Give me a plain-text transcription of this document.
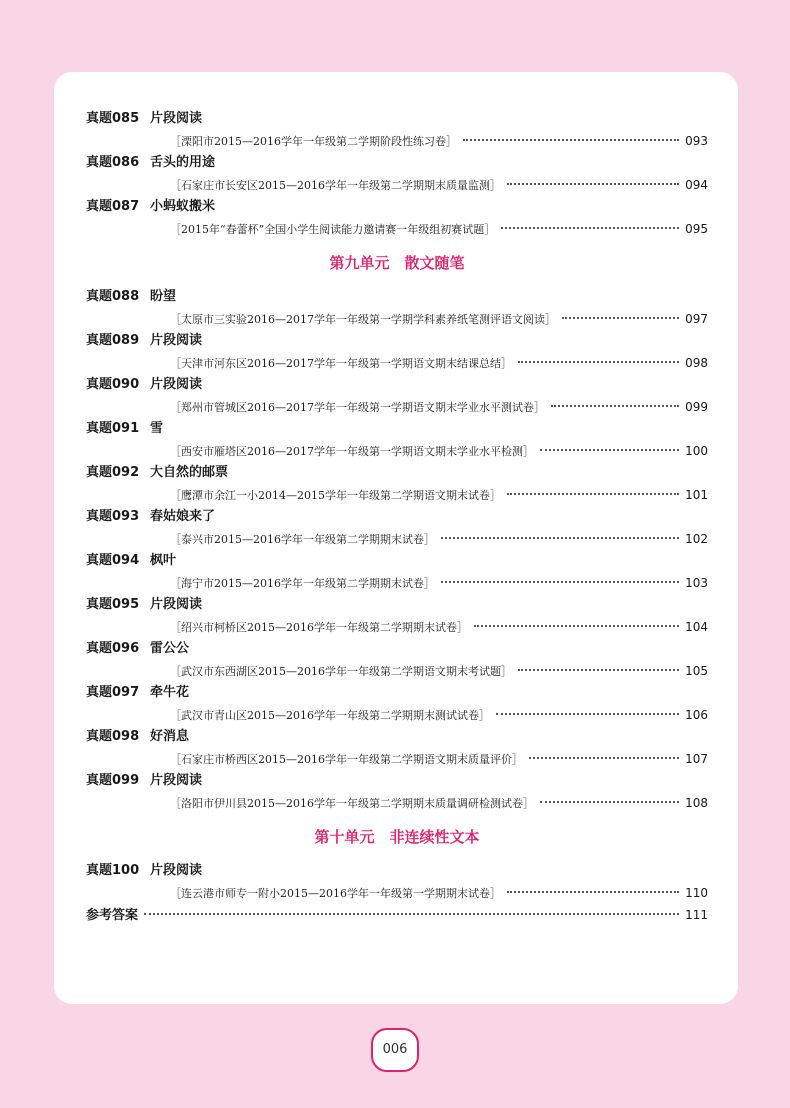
真题085 片段阅读
［溧阳市2015—2016学年一年级第二学期阶段性练习卷］	093
真题086 舌头的用途
［石家庄市长安区2015—2016学年一年级第二学期期末质量监测］	094
真题087 小蚂蚁搬米
［2015年“春蕾杯”全国小学生阅读能力邀请赛一年级组初赛试题］	095
第九单元　散文随笔
真题088 盼望
［太原市三实验2016—2017学年一年级第一学期学科素养纸笔测评语文阅读］	097
真题089 片段阅读
［天津市河东区2016—2017学年一年级第一学期语文期末结课总结］	098
真题090 片段阅读
［郑州市管城区2016—2017学年一年级第一学期语文期末学业水平测试卷］	099
真题091 雪
［西安市雁塔区2016—2017学年一年级第一学期语文期末学业水平检测］	100
真题092 大自然的邮票
［鹰潭市余江一小2014—2015学年一年级第二学期语文期末试卷］	101
真题093 春姑娘来了
［泰兴市2015—2016学年一年级第二学期期末试卷］	102
真题094 枫叶
［海宁市2015—2016学年一年级第二学期期末试卷］	103
真题095 片段阅读
［绍兴市柯桥区2015—2016学年一年级第二学期期末试卷］	104
真题096 雷公公
［武汉市东西湖区2015—2016学年一年级第二学期语文期末考试题］	105
真题097 牵牛花
［武汉市青山区2015—2016学年一年级第二学期期末测试试卷］	106
真题098 好消息
［石家庄市桥西区2015—2016学年一年级第二学期语文期末质量评价］	107
真题099 片段阅读
［洛阳市伊川县2015—2016学年一年级第二学期期末质量调研检测试卷］	108
第十单元　非连续性文本
真题100 片段阅读
［连云港市师专一附小2015—2016学年一年级第一学期期末试卷］	110
参考答案	111
006
